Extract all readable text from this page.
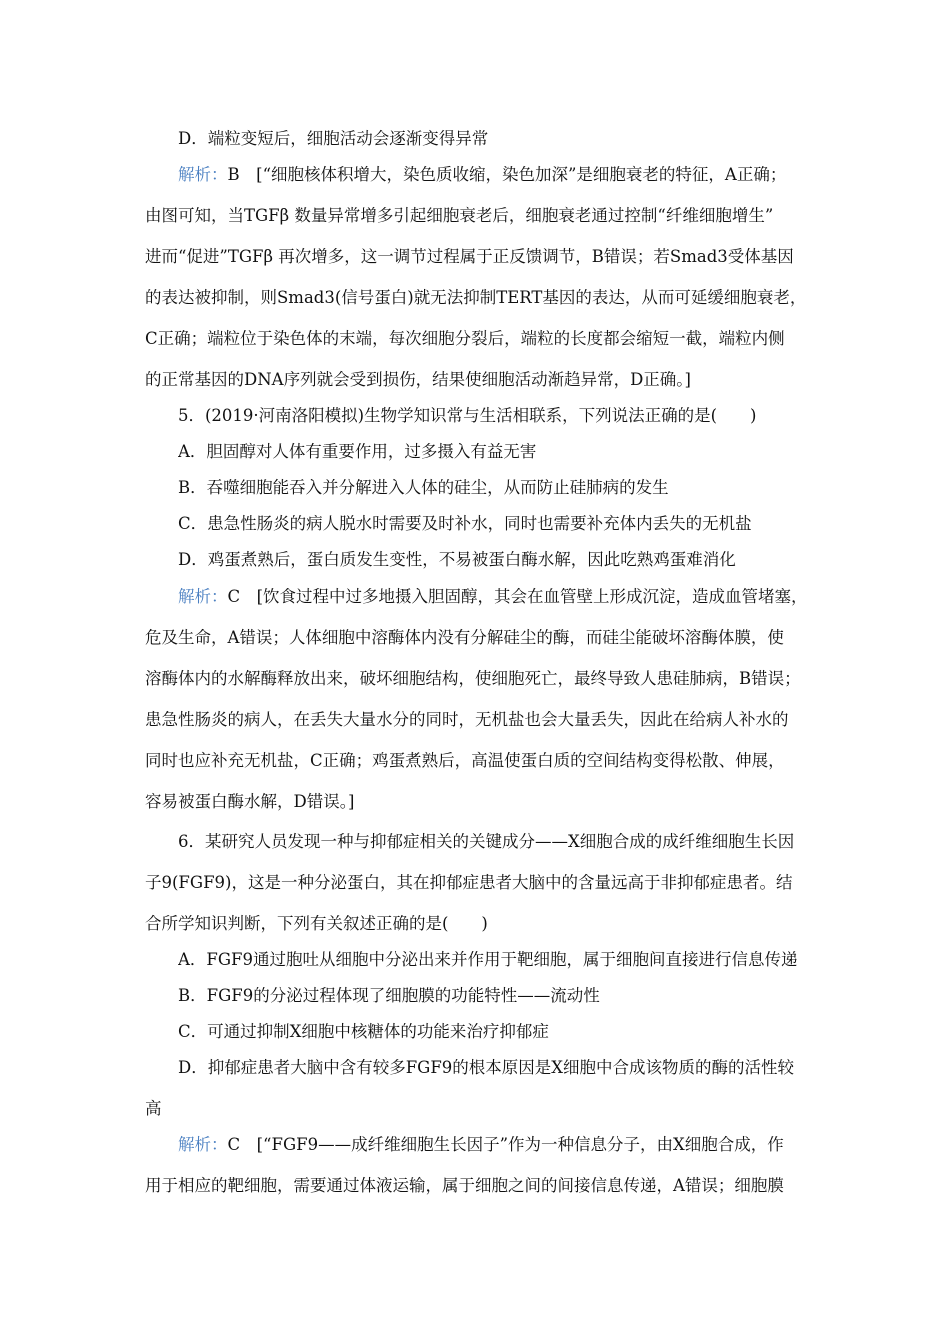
D．端粒变短后，细胞活动会逐渐变得异常
解析：B　[“细胞核体积增大，染色质收缩，染色加深”是细胞衰老的特征，A正确；
由图可知，当TGFβ 数量异常增多引起细胞衰老后，细胞衰老通过控制“纤维细胞增生”
进而“促进”TGFβ 再次增多，这一调节过程属于正反馈调节，B错误；若Smad3受体基因
的表达被抑制，则Smad3(信号蛋白)就无法抑制TERT基因的表达，从而可延缓细胞衰老，
C正确；端粒位于染色体的末端，每次细胞分裂后，端粒的长度都会缩短一截，端粒内侧
的正常基因的DNA序列就会受到损伤，结果使细胞活动渐趋异常，D正确。]
5．(2019·河南洛阳模拟)生物学知识常与生活相联系，下列说法正确的是(　　)
A．胆固醇对人体有重要作用，过多摄入有益无害
B．吞噬细胞能吞入并分解进入人体的硅尘，从而防止硅肺病的发生
C．患急性肠炎的病人脱水时需要及时补水，同时也需要补充体内丢失的无机盐
D．鸡蛋煮熟后，蛋白质发生变性，不易被蛋白酶水解，因此吃熟鸡蛋难消化
解析：C　[饮食过程中过多地摄入胆固醇，其会在血管壁上形成沉淀，造成血管堵塞，
危及生命，A错误；人体细胞中溶酶体内没有分解硅尘的酶，而硅尘能破坏溶酶体膜，使
溶酶体内的水解酶释放出来，破坏细胞结构，使细胞死亡，最终导致人患硅肺病，B错误；
患急性肠炎的病人，在丢失大量水分的同时，无机盐也会大量丢失，因此在给病人补水的
同时也应补充无机盐，C正确；鸡蛋煮熟后，高温使蛋白质的空间结构变得松散、伸展，
容易被蛋白酶水解，D错误。]
6．某研究人员发现一种与抑郁症相关的关键成分——X细胞合成的成纤维细胞生长因
子9(FGF9)，这是一种分泌蛋白，其在抑郁症患者大脑中的含量远高于非抑郁症患者。结
合所学知识判断，下列有关叙述正确的是(　　)
A．FGF9通过胞吐从细胞中分泌出来并作用于靶细胞，属于细胞间直接进行信息传递
B．FGF9的分泌过程体现了细胞膜的功能特性——流动性
C．可通过抑制X细胞中核糖体的功能来治疗抑郁症
D．抑郁症患者大脑中含有较多FGF9的根本原因是X细胞中合成该物质的酶的活性较
高
解析：C　[“FGF9——成纤维细胞生长因子”作为一种信息分子，由X细胞合成，作
用于相应的靶细胞，需要通过体液运输，属于细胞之间的间接信息传递，A错误；细胞膜
